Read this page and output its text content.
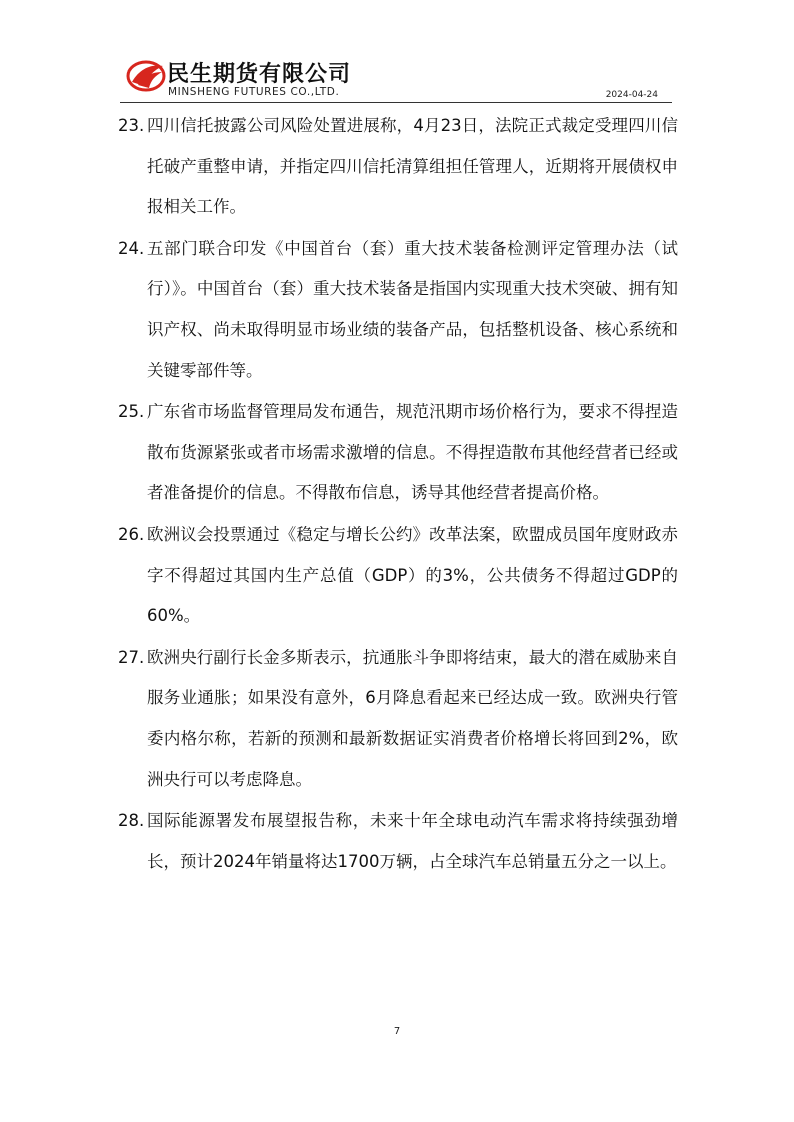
民生期货有限公司
MINSHENG FUTURES CO.,LTD.	2024-04-24
23. 四川信托披露公司风险处置进展称，4月23日，法院正式裁定受理四川信托破产重整申请，并指定四川信托清算组担任管理人，近期将开展债权申报相关工作。
24. 五部门联合印发《中国首台（套）重大技术装备检测评定管理办法（试行）》。中国首台（套）重大技术装备是指国内实现重大技术突破、拥有知识产权、尚未取得明显市场业绩的装备产品，包括整机设备、核心系统和关键零部件等。
25. 广东省市场监督管理局发布通告，规范汛期市场价格行为，要求不得捏造散布货源紧张或者市场需求激增的信息。不得捏造散布其他经营者已经或者准备提价的信息。不得散布信息，诱导其他经营者提高价格。
26. 欧洲议会投票通过《稳定与增长公约》改革法案，欧盟成员国年度财政赤字不得超过其国内生产总值（GDP）的3%，公共债务不得超过GDP的60%。
27. 欧洲央行副行长金多斯表示，抗通胀斗争即将结束，最大的潜在威胁来自服务业通胀；如果没有意外，6月降息看起来已经达成一致。欧洲央行管委内格尔称，若新的预测和最新数据证实消费者价格增长将回到2%，欧洲央行可以考虑降息。
28. 国际能源署发布展望报告称，未来十年全球电动汽车需求将持续强劲增长，预计2024年销量将达1700万辆，占全球汽车总销量五分之一以上。
7
